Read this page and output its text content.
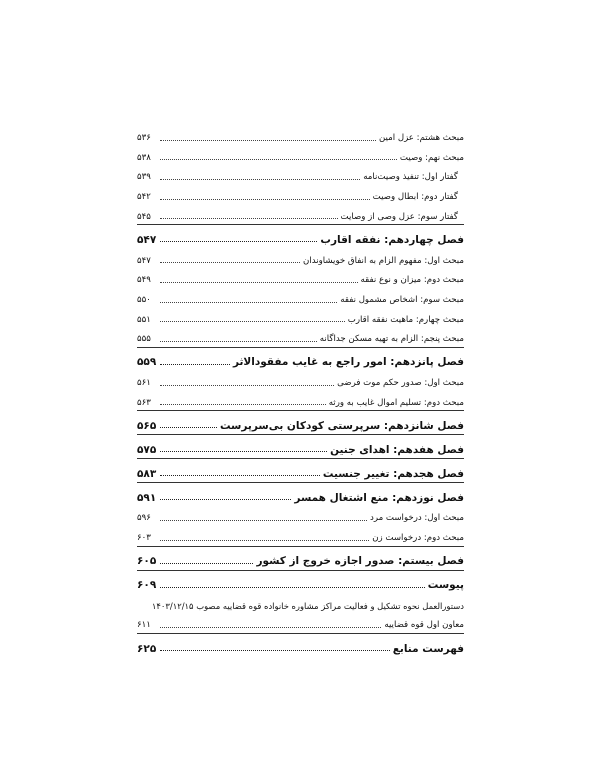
مبحث هشتم: عزل امین
۵۳۶
مبحث نهم: وصیت
۵۳۸
گفتار اول: تنفیذ وصیت‌نامه
۵۳۹
گفتار دوم: ابطال وصیت
۵۴۲
گفتار سوم: عزل وصی از وصایت
۵۴۵
فصل چهاردهم: نفقه اقارب
۵۴۷
مبحث اول: مفهوم الزام به انفاق خویشاوندان
۵۴۷
مبحث دوم: میزان و نوع نفقه
۵۴۹
مبحث سوم: اشخاص مشمول نفقه
۵۵۰
مبحث چهارم: ماهیت نفقه اقارب
۵۵۱
مبحث پنجم: الزام به تهیه مسکن جداگانه
۵۵۵
فصل پانزدهم: امور راجع به غایب مفقودالاثر
۵۵۹
مبحث اول: صدور حکم موت فرضی
۵۶۱
مبحث دوم: تسلیم اموال غایب به ورثه
۵۶۳
فصل شانزدهم: سرپرستی کودکان بی‌سرپرست
۵۶۵
فصل هفدهم: اهدای جنین
۵۷۵
فصل هجدهم: تغییر جنسیت
۵۸۳
فصل نوزدهم: منع اشتغال همسر
۵۹۱
مبحث اول: درخواست مرد
۵۹۶
مبحث دوم: درخواست زن
۶۰۳
فصل بیستم: صدور اجازه خروج از کشور
۶۰۵
پیوست
۶۰۹
دستورالعمل نحوه تشکیل و فعالیت مراکز مشاوره خانواده قوه قضاییه مصوب ۱۴۰۳/۱۲/۱۵
معاون اول قوه قضاییه
۶۱۱
فهرست منابع
۶۲۵
